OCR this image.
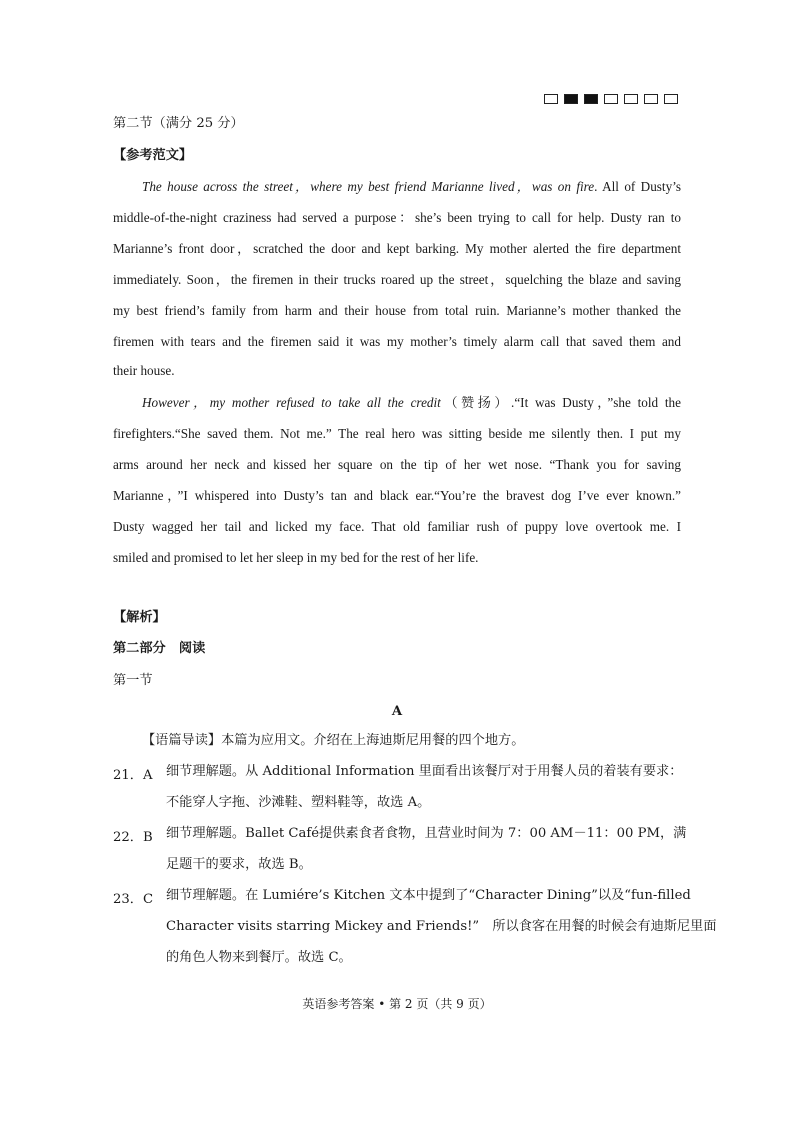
第二节（满分 25 分）
【参考范文】
The house across the street，where my best friend Marianne lived，was on fire. All of Dusty’s
middle-of-the-night craziness had served a purpose：she’s been trying to call for help. Dusty ran to
Marianne’s front door，scratched the door and kept barking. My mother alerted the fire department
immediately. Soon，the firemen in their trucks roared up the street，squelching the blaze and saving
my best friend’s family from harm and their house from total ruin. Marianne’s mother thanked the
firemen with tears and the firemen said it was my mother’s timely alarm call that saved them and
their house.
However，my mother refused to take all the credit（赞扬）.“It was Dusty，”she told the
firefighters.“She saved them. Not me.” The real hero was sitting beside me silently then. I put my
arms around her neck and kissed her square on the tip of her wet nose. “Thank you for saving
Marianne，”I whispered into Dusty’s tan and black ear.“You’re the bravest dog I’ve ever known.”
Dusty wagged her tail and licked my face. That old familiar rush of puppy love overtook me. I
smiled and promised to let her sleep in my bed for the rest of her life.
【解析】
第二部分　阅读
第一节
A
【语篇导读】本篇为应用文。介绍在上海迪斯尼用餐的四个地方。
21．A 细节理解题。从 Additional Information 里面看出该餐厅对于用餐人员的着装有要求：
不能穿人字拖、沙滩鞋、塑料鞋等，故选 A。
22．B 细节理解题。Ballet Café提供素食者食物，且营业时间为 7：00 AM－11：00 PM，满
足题干的要求，故选 B。
23．C 细节理解题。在 Lumiére’s Kitchen 文本中提到了“Character Dining”以及“fun-filled
Character visits starring Mickey and Friends!”　所以食客在用餐的时候会有迪斯尼里面
的角色人物来到餐厅。故选 C。
英语参考答案 • 第 2 页（共 9 页）
